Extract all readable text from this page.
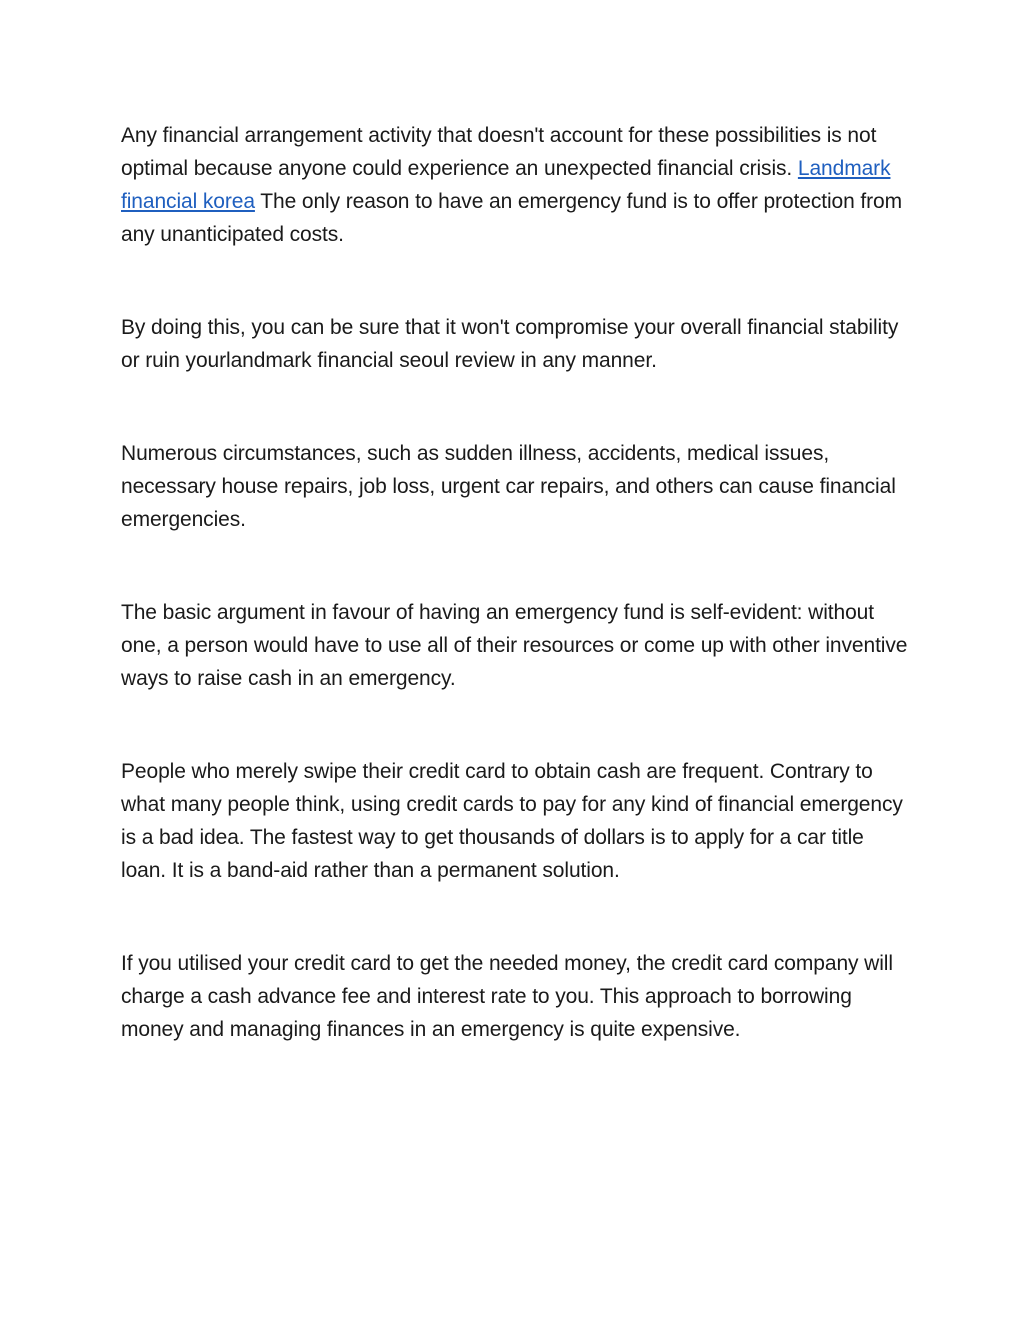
Any financial arrangement activity that doesn't account for these possibilities is not optimal because anyone could experience an unexpected financial crisis. Landmark financial korea The only reason to have an emergency fund is to offer protection from any unanticipated costs.

By doing this, you can be sure that it won't compromise your overall financial stability or ruin yourlandmark financial seoul review in any manner.

Numerous circumstances, such as sudden illness, accidents, medical issues, necessary house repairs, job loss, urgent car repairs, and others can cause financial emergencies.

The basic argument in favour of having an emergency fund is self-evident: without one, a person would have to use all of their resources or come up with other inventive ways to raise cash in an emergency.

People who merely swipe their credit card to obtain cash are frequent. Contrary to what many people think, using credit cards to pay for any kind of financial emergency is a bad idea. The fastest way to get thousands of dollars is to apply for a car title loan. It is a band-aid rather than a permanent solution.

If you utilised your credit card to get the needed money, the credit card company will charge a cash advance fee and interest rate to you. This approach to borrowing money and managing finances in an emergency is quite expensive.
